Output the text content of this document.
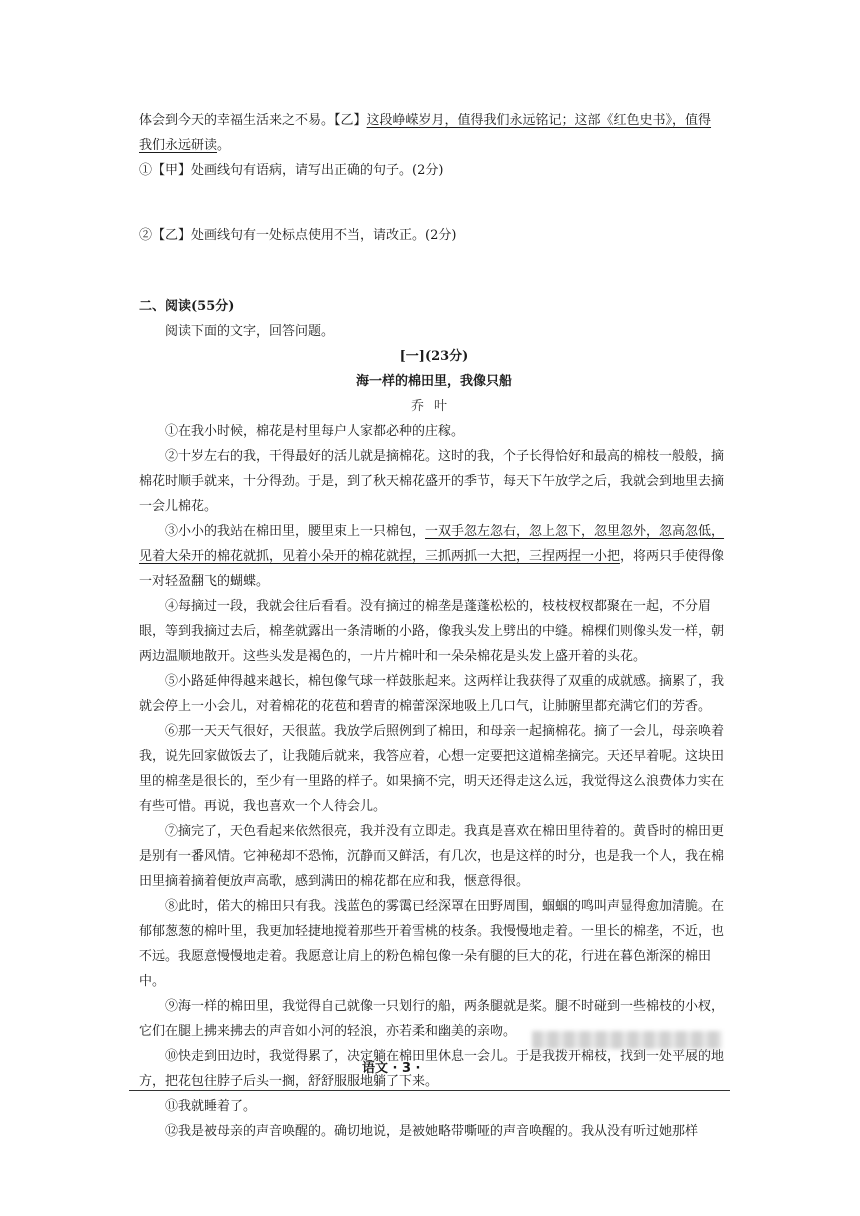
体会到今天的幸福生活来之不易。【乙】这段峥嵘岁月，值得我们永远铭记；这部《红色史书》，值得
我们永远研读。
①【甲】处画线句有语病，请写出正确的句子。(2分)
②【乙】处画线句有一处标点使用不当，请改正。(2分)
二、阅读(55分)
阅读下面的文字，回答问题。
[一](23分)
海一样的棉田里，我像只船
乔叶

①在我小时候，棉花是村里每户人家都必种的庄稼。

②十岁左右的我，干得最好的活儿就是摘棉花。这时的我，个子长得恰好和最高的棉枝一般般，摘棉花时顺手就来，十分得劲。于是，到了秋天棉花盛开的季节，每天下午放学之后，我就会到地里去摘一会儿棉花。

③小小的我站在棉田里，腰里束上一只棉包，一双手忽左忽右，忽上忽下，忽里忽外，忽高忽低，见着大朵开的棉花就抓，见着小朵开的棉花就捏，三抓两抓一大把，三捏两捏一小把，将两只手使得像一对轻盈翻飞的蝴蝶。

④每摘过一段，我就会往后看看。没有摘过的棉垄是蓬蓬松松的，枝枝杈杈都聚在一起，不分眉眼，等到我摘过去后，棉垄就露出一条清晰的小路，像我头发上劈出的中缝。棉棵们则像头发一样，朝两边温顺地散开。这些头发是褐色的，一片片棉叶和一朵朵棉花是头发上盛开着的头花。

⑤小路延伸得越来越长，棉包像气球一样鼓胀起来。这两样让我获得了双重的成就感。摘累了，我就会停上一小会儿，对着棉花的花苞和碧青的棉蕾深深地吸上几口气，让肺腑里都充满它们的芳香。

⑥那一天天气很好，天很蓝。我放学后照例到了棉田，和母亲一起摘棉花。摘了一会儿，母亲唤着我，说先回家做饭去了，让我随后就来，我答应着，心想一定要把这道棉垄摘完。天还早着呢。这块田里的棉垄是很长的，至少有一里路的样子。如果摘不完，明天还得走这么远，我觉得这么浪费体力实在有些可惜。再说，我也喜欢一个人待会儿。

⑦摘完了，天色看起来依然很亮，我并没有立即走。我真是喜欢在棉田里待着的。黄昏时的棉田更是别有一番风情。它神秘却不恐怖，沉静而又鲜活，有几次，也是这样的时分，也是我一个人，我在棉田里摘着摘着便放声高歌，感到满田的棉花都在应和我，惬意得很。

⑧此时，偌大的棉田只有我。浅蓝色的雾霭已经深罩在田野周围，蝈蝈的鸣叫声显得愈加清脆。在郁郁葱葱的棉叶里，我更加轻捷地搅着那些开着雪桃的枝条。我慢慢地走着。一里长的棉垄，不近，也不远。我愿意慢慢地走着。我愿意让肩上的粉色棉包像一朵有腿的巨大的花，行进在暮色渐深的棉田中。

⑨海一样的棉田里，我觉得自己就像一只划行的船，两条腿就是桨。腿不时碰到一些棉枝的小杈，它们在腿上拂来拂去的声音如小河的轻浪，亦若柔和幽美的亲吻。

⑩快走到田边时，我觉得累了，决定躺在棉田里休息一会儿。于是我拨开棉枝，找到一处平展的地方，把花包往脖子后头一搁，舒舒服服地躺了下来。

⑪我就睡着了。

⑫我是被母亲的声音唤醒的。确切地说，是被她略带嘶哑的声音唤醒的。我从没有听过她那样

语文 · 3 ·
